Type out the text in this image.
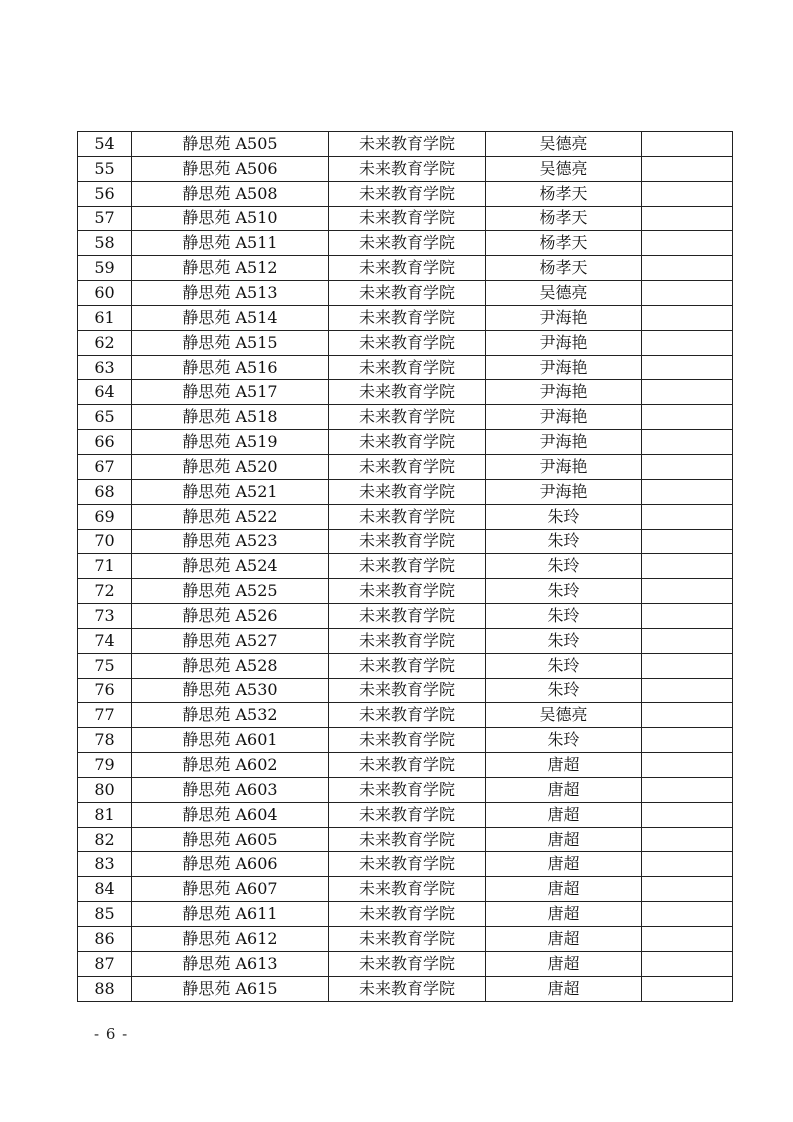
54	静思苑 A505	未来教育学院	吴德亮	
55	静思苑 A506	未来教育学院	吴德亮	
56	静思苑 A508	未来教育学院	杨孝天	
57	静思苑 A510	未来教育学院	杨孝天	
58	静思苑 A511	未来教育学院	杨孝天	
59	静思苑 A512	未来教育学院	杨孝天	
60	静思苑 A513	未来教育学院	吴德亮	
61	静思苑 A514	未来教育学院	尹海艳	
62	静思苑 A515	未来教育学院	尹海艳	
63	静思苑 A516	未来教育学院	尹海艳	
64	静思苑 A517	未来教育学院	尹海艳	
65	静思苑 A518	未来教育学院	尹海艳	
66	静思苑 A519	未来教育学院	尹海艳	
67	静思苑 A520	未来教育学院	尹海艳	
68	静思苑 A521	未来教育学院	尹海艳	
69	静思苑 A522	未来教育学院	朱玲	
70	静思苑 A523	未来教育学院	朱玲	
71	静思苑 A524	未来教育学院	朱玲	
72	静思苑 A525	未来教育学院	朱玲	
73	静思苑 A526	未来教育学院	朱玲	
74	静思苑 A527	未来教育学院	朱玲	
75	静思苑 A528	未来教育学院	朱玲	
76	静思苑 A530	未来教育学院	朱玲	
77	静思苑 A532	未来教育学院	吴德亮	
78	静思苑 A601	未来教育学院	朱玲	
79	静思苑 A602	未来教育学院	唐超	
80	静思苑 A603	未来教育学院	唐超	
81	静思苑 A604	未来教育学院	唐超	
82	静思苑 A605	未来教育学院	唐超	
83	静思苑 A606	未来教育学院	唐超	
84	静思苑 A607	未来教育学院	唐超	
85	静思苑 A611	未来教育学院	唐超	
86	静思苑 A612	未来教育学院	唐超	
87	静思苑 A613	未来教育学院	唐超	
88	静思苑 A615	未来教育学院	唐超	
- 6 -
